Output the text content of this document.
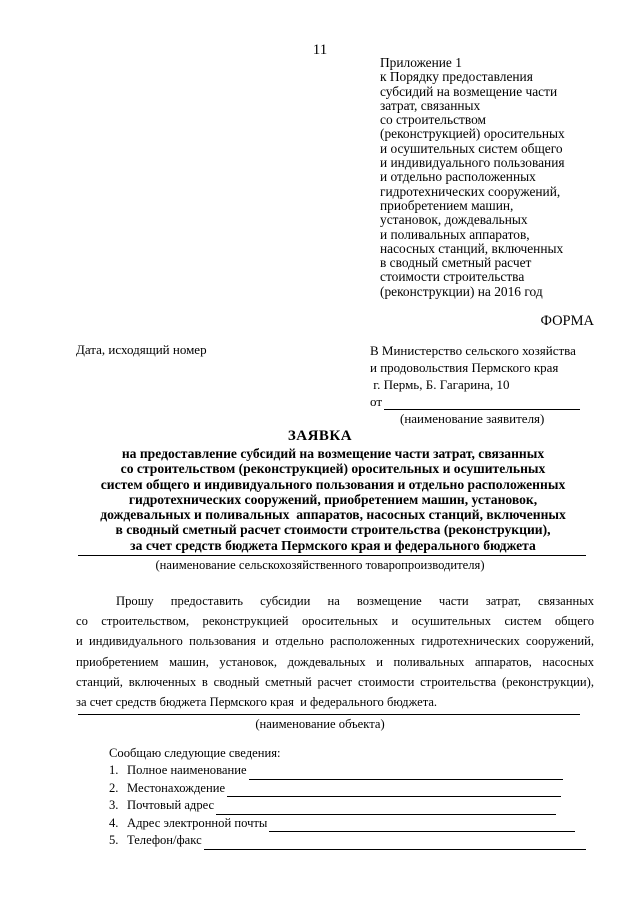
11
Приложение 1
к Порядку предоставления
субсидий на возмещение части
затрат, связанных
со строительством
(реконструкцией) оросительных
и осушительных систем общего
и индивидуального пользования
и отдельно расположенных
гидротехнических сооружений,
приобретением машин,
установок, дождевальных
и поливальных аппаратов,
насосных станций, включенных
в сводный сметный расчет
стоимости строительства
(реконструкции) на 2016 год
ФОРМА
Дата, исходящий номер	В Министерство сельского хозяйства
и продовольствия Пермского края
г. Пермь, Б. Гагарина, 10
от
(наименование заявителя)
ЗАЯВКА
на предоставление субсидий на возмещение части затрат, связанных
со строительством (реконструкцией) оросительных и осушительных
систем общего и индивидуального пользования и отдельно расположенных
гидротехнических сооружений, приобретением машин, установок,
дождевальных и поливальных  аппаратов, насосных станций, включенных
в сводный сметный расчет стоимости строительства (реконструкции),
за счет средств бюджета Пермского края и федерального бюджета
(наименование сельскохозяйственного товаропроизводителя)
Прошу предоставить субсидии на возмещение части затрат, связанных
со строительством, реконструкцией оросительных и осушительных систем общего
и индивидуального пользования и отдельно расположенных гидротехнических сооружений,
приобретением машин, установок, дождевальных и поливальных аппаратов, насосных
станций, включенных в сводный сметный расчет стоимости строительства (реконструкции),
за счет средств бюджета Пермского края  и федерального бюджета.
(наименование объекта)
Сообщаю следующие сведения:
1. Полное наименование
2. Местонахождение
3. Почтовый адрес
4. Адрес электронной почты
5. Телефон/факс
